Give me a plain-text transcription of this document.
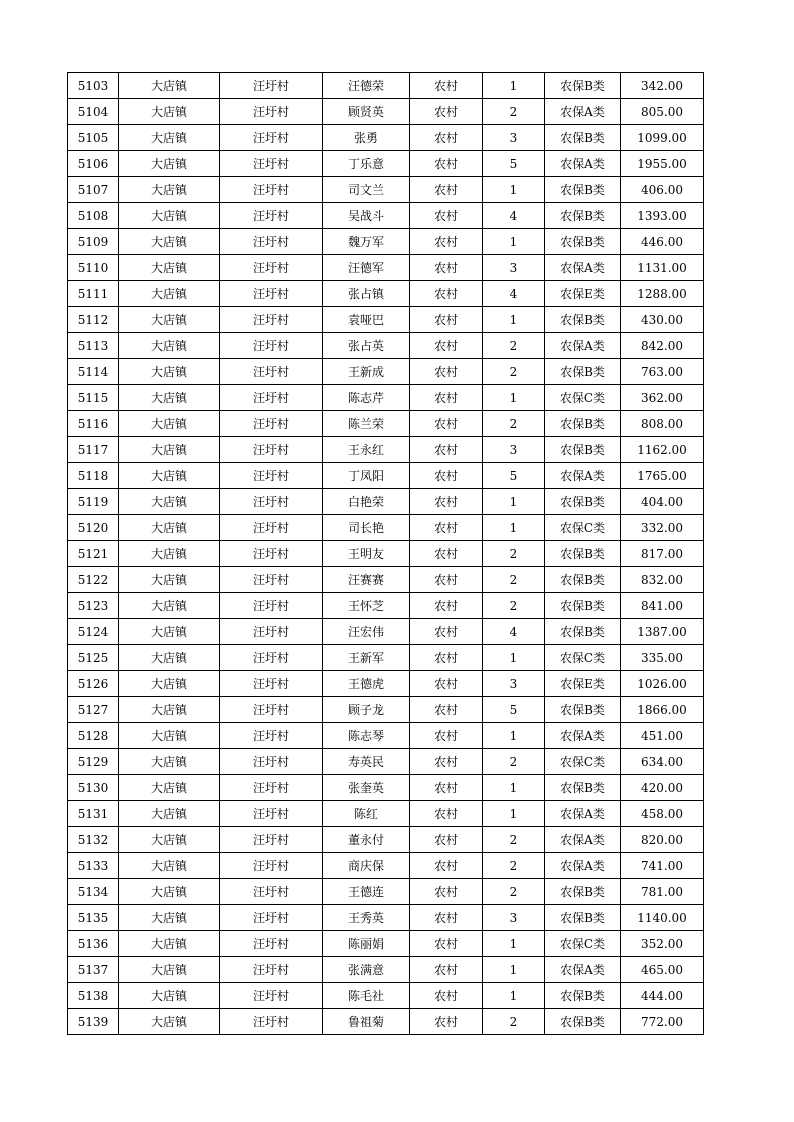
5103	大店镇	汪圩村	汪德荣	农村	1	农保B类	342.00
5104	大店镇	汪圩村	顾贤英	农村	2	农保A类	805.00
5105	大店镇	汪圩村	张勇	农村	3	农保B类	1099.00
5106	大店镇	汪圩村	丁乐意	农村	5	农保A类	1955.00
5107	大店镇	汪圩村	司文兰	农村	1	农保B类	406.00
5108	大店镇	汪圩村	吴战斗	农村	4	农保B类	1393.00
5109	大店镇	汪圩村	魏万军	农村	1	农保B类	446.00
5110	大店镇	汪圩村	汪德军	农村	3	农保A类	1131.00
5111	大店镇	汪圩村	张占镇	农村	4	农保E类	1288.00
5112	大店镇	汪圩村	袁哑巴	农村	1	农保B类	430.00
5113	大店镇	汪圩村	张占英	农村	2	农保A类	842.00
5114	大店镇	汪圩村	王新成	农村	2	农保B类	763.00
5115	大店镇	汪圩村	陈志芹	农村	1	农保C类	362.00
5116	大店镇	汪圩村	陈兰荣	农村	2	农保B类	808.00
5117	大店镇	汪圩村	王永红	农村	3	农保B类	1162.00
5118	大店镇	汪圩村	丁凤阳	农村	5	农保A类	1765.00
5119	大店镇	汪圩村	白艳荣	农村	1	农保B类	404.00
5120	大店镇	汪圩村	司长艳	农村	1	农保C类	332.00
5121	大店镇	汪圩村	王明友	农村	2	农保B类	817.00
5122	大店镇	汪圩村	汪赛赛	农村	2	农保B类	832.00
5123	大店镇	汪圩村	王怀芝	农村	2	农保B类	841.00
5124	大店镇	汪圩村	汪宏伟	农村	4	农保B类	1387.00
5125	大店镇	汪圩村	王新军	农村	1	农保C类	335.00
5126	大店镇	汪圩村	王德虎	农村	3	农保E类	1026.00
5127	大店镇	汪圩村	顾子龙	农村	5	农保B类	1866.00
5128	大店镇	汪圩村	陈志琴	农村	1	农保A类	451.00
5129	大店镇	汪圩村	寿英民	农村	2	农保C类	634.00
5130	大店镇	汪圩村	张奎英	农村	1	农保B类	420.00
5131	大店镇	汪圩村	陈红	农村	1	农保A类	458.00
5132	大店镇	汪圩村	董永付	农村	2	农保A类	820.00
5133	大店镇	汪圩村	商庆保	农村	2	农保A类	741.00
5134	大店镇	汪圩村	王德连	农村	2	农保B类	781.00
5135	大店镇	汪圩村	王秀英	农村	3	农保B类	1140.00
5136	大店镇	汪圩村	陈丽娟	农村	1	农保C类	352.00
5137	大店镇	汪圩村	张满意	农村	1	农保A类	465.00
5138	大店镇	汪圩村	陈毛社	农村	1	农保B类	444.00
5139	大店镇	汪圩村	鲁祖菊	农村	2	农保B类	772.00
